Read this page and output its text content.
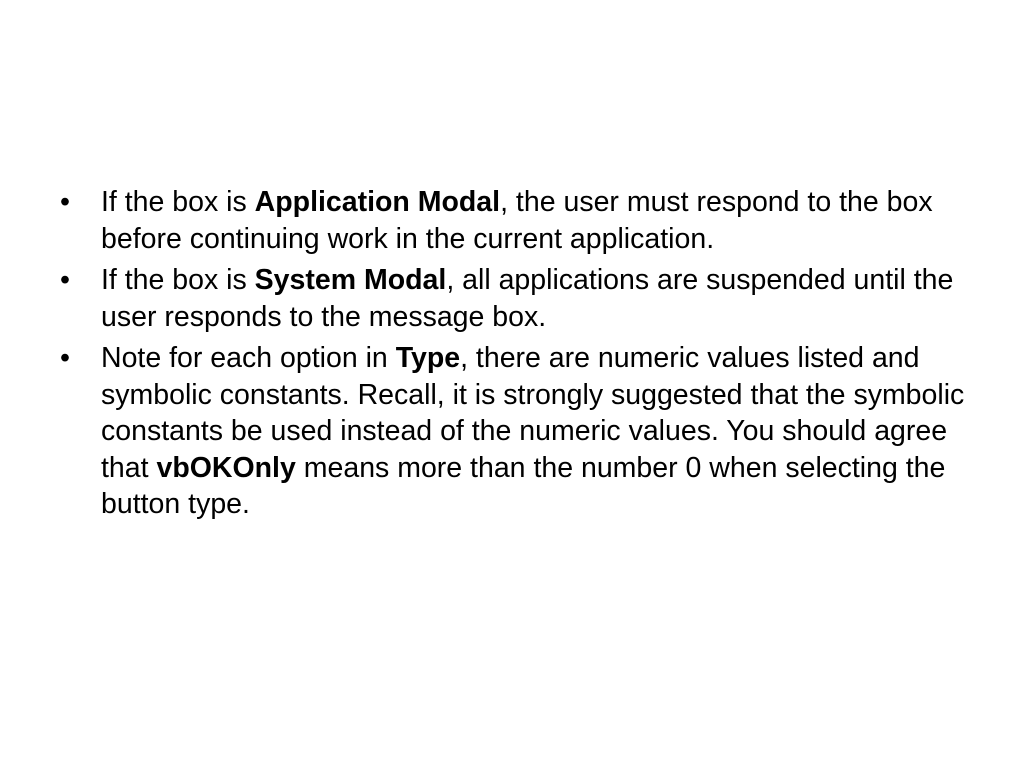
•	If the box is Application Modal, the user must respond to the box before continuing work in the current application.
•	If the box is System Modal, all applications are suspended until the user responds to the message box.
•	Note for each option in Type, there are numeric values listed and symbolic constants. Recall, it is strongly suggested that the symbolic constants be used instead of the numeric values. You should agree that vbOKOnly means more than the number 0 when selecting the button type.
